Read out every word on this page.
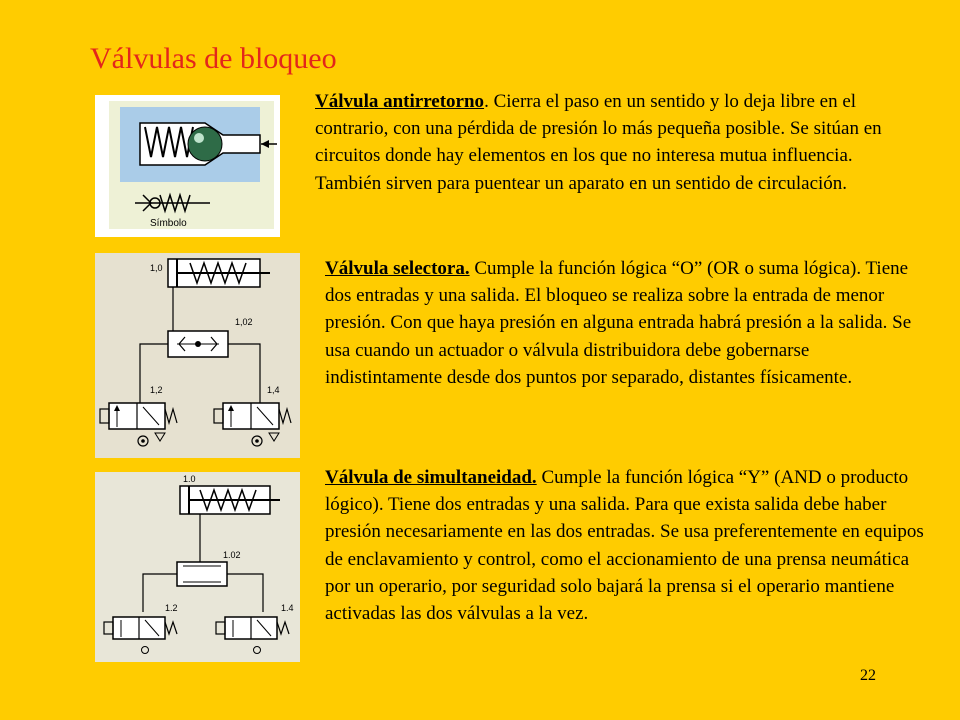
Válvulas de bloqueo
Símbolo

Válvula antirretorno. Cierra el paso en un sentido y lo deja libre en el contrario, con una pérdida de presión lo más pequeña posible. Se sitúan en circuitos donde hay elementos en los que no interesa mutua influencia. También sirven para puentear un aparato en un sentido de circulación.

1,0
1,02
1,2	1,4

Válvula selectora. Cumple la función lógica “O” (OR o suma lógica). Tiene dos entradas y una salida. El bloqueo se realiza sobre la entrada de menor presión. Con que haya presión en alguna entrada habrá presión a la salida. Se usa cuando un actuador o válvula distribuidora debe gobernarse indistintamente desde dos puntos por separado, distantes físicamente.

1.0
1.02
1.2	1.4

Válvula de simultaneidad. Cumple la función lógica “Y” (AND o producto lógico). Tiene dos entradas y una salida. Para que exista salida debe haber presión necesariamente en las dos entradas. Se usa preferentemente en equipos de enclavamiento y control, como el accionamiento de una prensa neumática por un operario, por seguridad solo bajará la prensa si el operario mantiene activadas las dos válvulas a la vez.

22
